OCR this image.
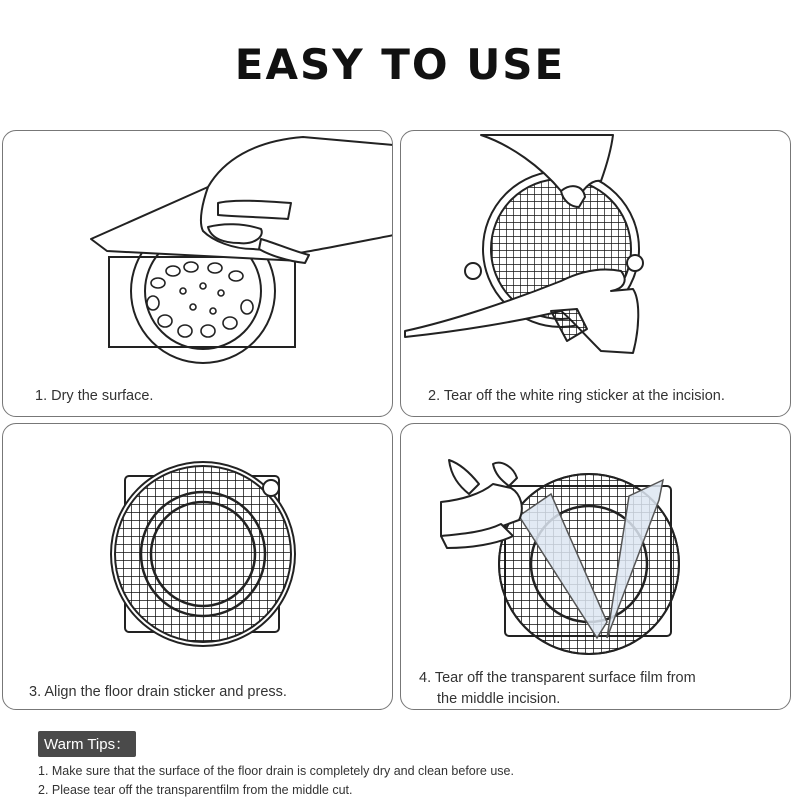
EASY TO USE
1. Dry the surface.	2. Tear off the white ring sticker at the incision.
3. Align the floor drain sticker and press.
4. Tear off the transparent surface film from
the middle incision.
Warm Tips：
1. Make sure that the surface of the floor drain is completely dry and clean before use.
2. Please tear off the transparentfilm from the middle cut.
